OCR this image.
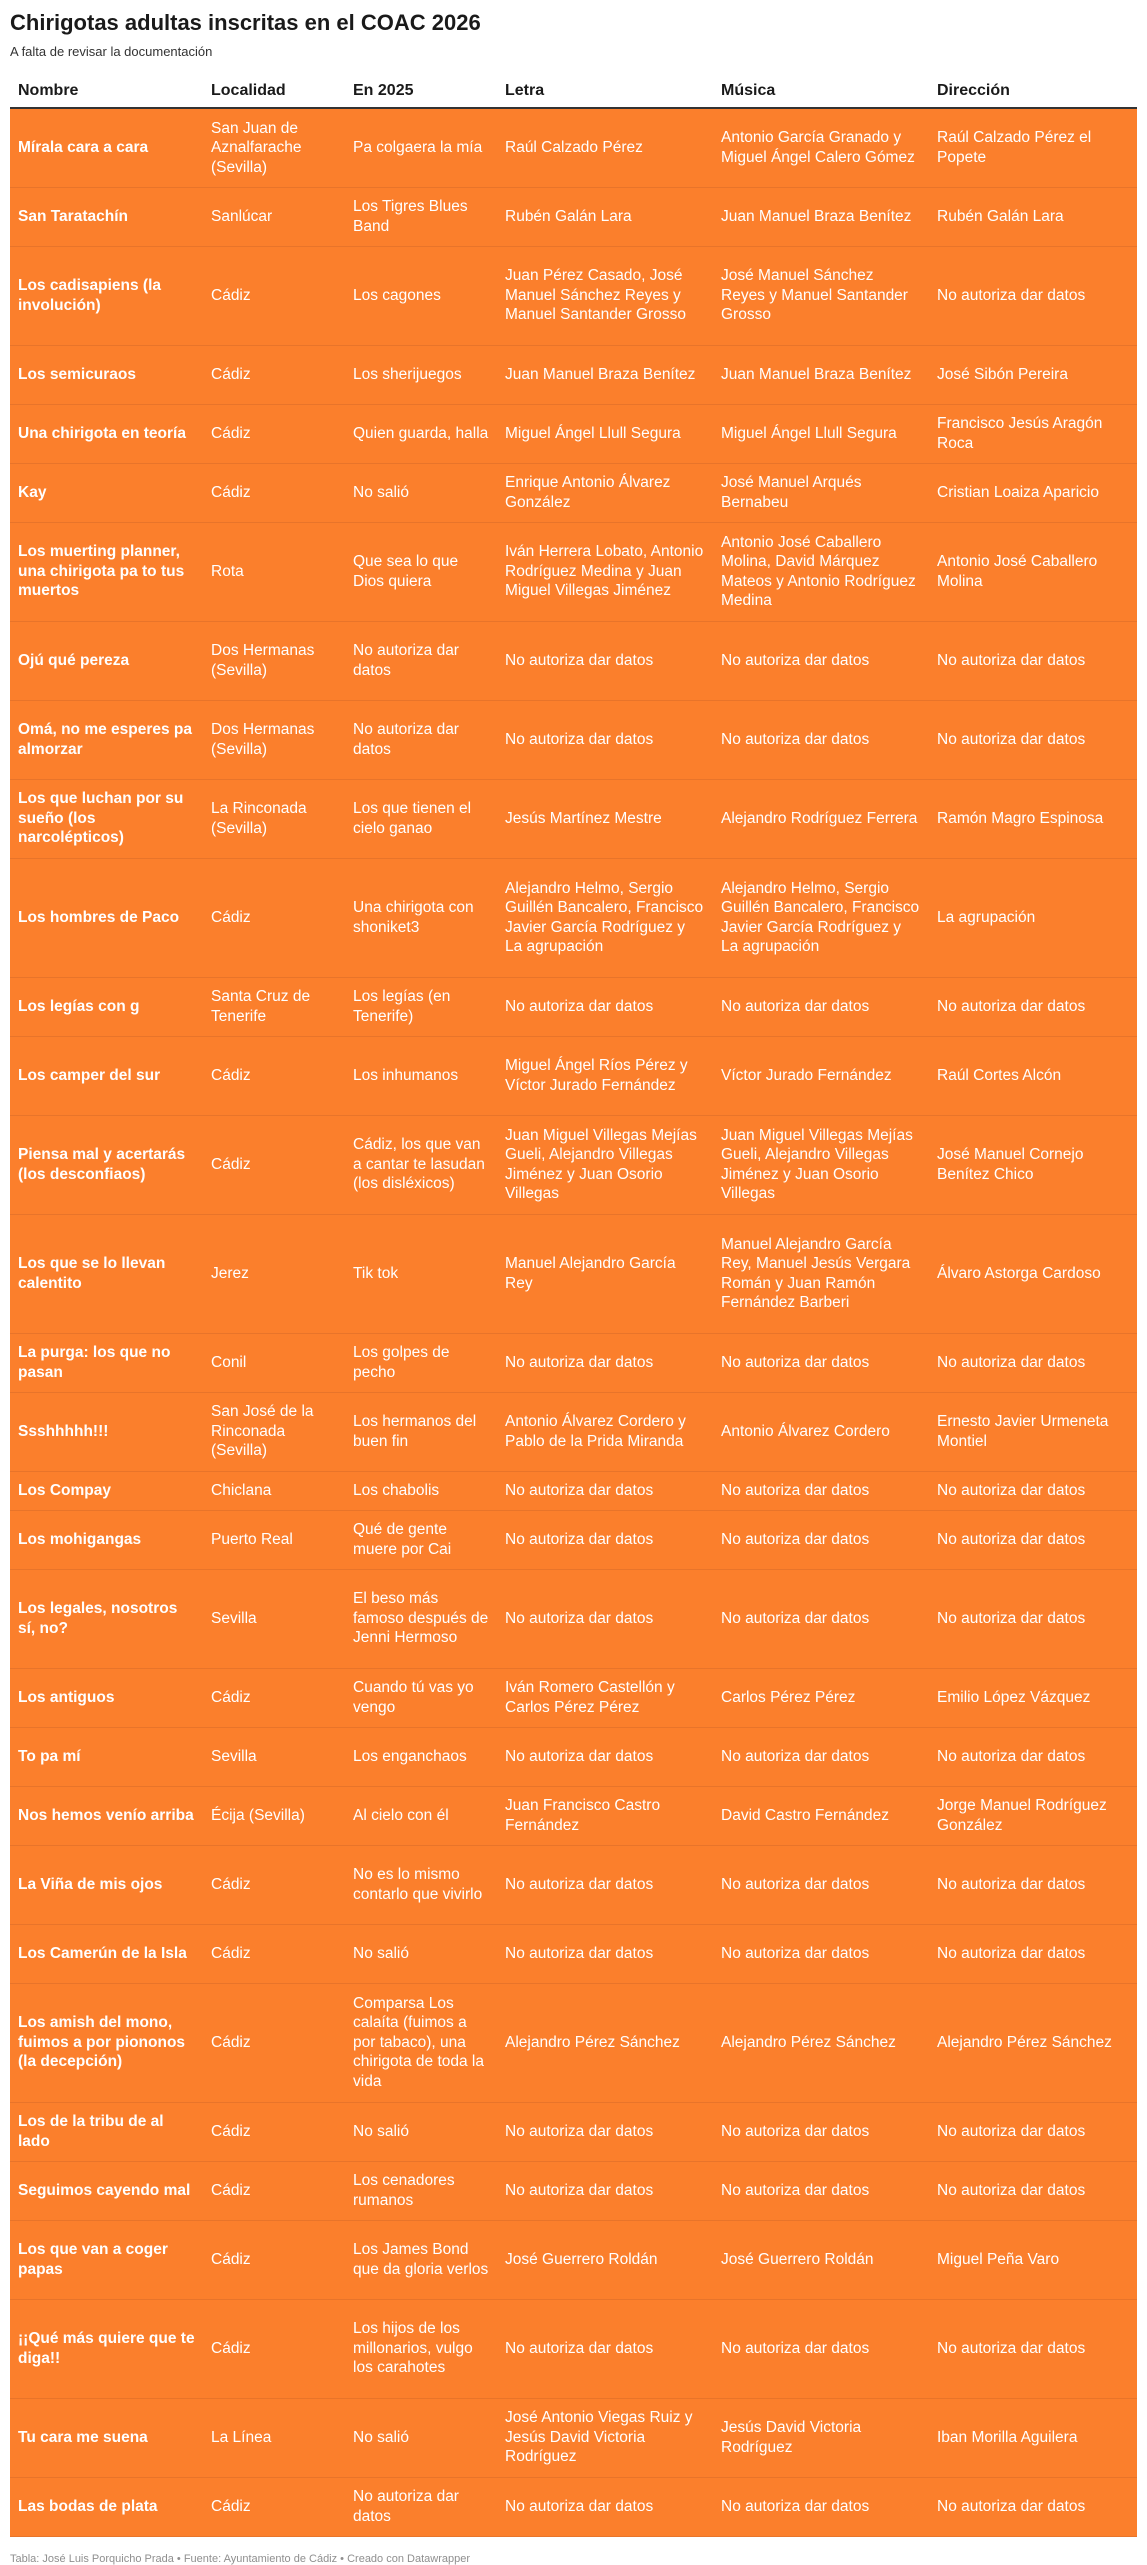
Chirigotas adultas inscritas en el COAC 2026
A falta de revisar la documentación
Nombre	Localidad	En 2025	Letra	Música	Dirección
Mírala cara a cara	San Juan de Aznalfarache (Sevilla)	Pa colgaera la mía	Raúl Calzado Pérez	Antonio García Granado y Miguel Ángel Calero Gómez	Raúl Calzado Pérez el Popete
San Taratachín	Sanlúcar	Los Tigres Blues Band	Rubén Galán Lara	Juan Manuel Braza Benítez	Rubén Galán Lara
Los cadisapiens (la involución)	Cádiz	Los cagones	Juan Pérez Casado, José Manuel Sánchez Reyes y Manuel Santander Grosso	José Manuel Sánchez Reyes y Manuel Santander Grosso	No autoriza dar datos
Los semicuraos	Cádiz	Los sherijuegos	Juan Manuel Braza Benítez	Juan Manuel Braza Benítez	José Sibón Pereira
Una chirigota en teoría	Cádiz	Quien guarda, halla	Miguel Ángel Llull Segura	Miguel Ángel Llull Segura	Francisco Jesús Aragón Roca
Kay	Cádiz	No salió	Enrique Antonio Álvarez González	José Manuel Arqués Bernabeu	Cristian Loaiza Aparicio
Los muerting planner, una chirigota pa to tus muertos	Rota	Que sea lo que Dios quiera	Iván Herrera Lobato, Antonio Rodríguez Medina y Juan Miguel Villegas Jiménez	Antonio José Caballero Molina, David Márquez Mateos y Antonio Rodríguez Medina	Antonio José Caballero Molina
Ojú qué pereza	Dos Hermanas (Sevilla)	No autoriza dar datos	No autoriza dar datos	No autoriza dar datos	No autoriza dar datos
Omá, no me esperes pa almorzar	Dos Hermanas (Sevilla)	No autoriza dar datos	No autoriza dar datos	No autoriza dar datos	No autoriza dar datos
Los que luchan por su sueño (los narcolépticos)	La Rinconada (Sevilla)	Los que tienen el cielo ganao	Jesús Martínez Mestre	Alejandro Rodríguez Ferrera	Ramón Magro Espinosa
Los hombres de Paco	Cádiz	Una chirigota con shoniket3	Alejandro Helmo, Sergio Guillén Bancalero, Francisco Javier García Rodríguez y La agrupación	Alejandro Helmo, Sergio Guillén Bancalero, Francisco Javier García Rodríguez y La agrupación	La agrupación
Los legías con g	Santa Cruz de Tenerife	Los legías (en Tenerife)	No autoriza dar datos	No autoriza dar datos	No autoriza dar datos
Los camper del sur	Cádiz	Los inhumanos	Miguel Ángel Ríos Pérez y Víctor Jurado Fernández	Víctor Jurado Fernández	Raúl Cortes Alcón
Piensa mal y acertarás (los desconfiaos)	Cádiz	Cádiz, los que van a cantar te lasudan (los disléxicos)	Juan Miguel Villegas Mejías Gueli, Alejandro Villegas Jiménez y Juan Osorio Villegas	Juan Miguel Villegas Mejías Gueli, Alejandro Villegas Jiménez y Juan Osorio Villegas	José Manuel Cornejo Benítez Chico
Los que se lo llevan calentito	Jerez	Tik tok	Manuel Alejandro García Rey	Manuel Alejandro García Rey, Manuel Jesús Vergara Román y Juan Ramón Fernández Barberi	Álvaro Astorga Cardoso
La purga: los que no pasan	Conil	Los golpes de pecho	No autoriza dar datos	No autoriza dar datos	No autoriza dar datos
Ssshhhhh!!!	San José de la Rinconada (Sevilla)	Los hermanos del buen fin	Antonio Álvarez Cordero y Pablo de la Prida Miranda	Antonio Álvarez Cordero	Ernesto Javier Urmeneta Montiel
Los Compay	Chiclana	Los chabolis	No autoriza dar datos	No autoriza dar datos	No autoriza dar datos
Los mohigangas	Puerto Real	Qué de gente muere por Cai	No autoriza dar datos	No autoriza dar datos	No autoriza dar datos
Los legales, nosotros sí, no?	Sevilla	El beso más famoso después de Jenni Hermoso	No autoriza dar datos	No autoriza dar datos	No autoriza dar datos
Los antiguos	Cádiz	Cuando tú vas yo vengo	Iván Romero Castellón y Carlos Pérez Pérez	Carlos Pérez Pérez	Emilio López Vázquez
To pa mí	Sevilla	Los enganchaos	No autoriza dar datos	No autoriza dar datos	No autoriza dar datos
Nos hemos venío arriba	Écija (Sevilla)	Al cielo con él	Juan Francisco Castro Fernández	David Castro Fernández	Jorge Manuel Rodríguez González
La Viña de mis ojos	Cádiz	No es lo mismo contarlo que vivirlo	No autoriza dar datos	No autoriza dar datos	No autoriza dar datos
Los Camerún de la Isla	Cádiz	No salió	No autoriza dar datos	No autoriza dar datos	No autoriza dar datos
Los amish del mono, fuimos a por piononos (la decepción)	Cádiz	Comparsa Los calaíta (fuimos a por tabaco), una chirigota de toda la vida	Alejandro Pérez Sánchez	Alejandro Pérez Sánchez	Alejandro Pérez Sánchez
Los de la tribu de al lado	Cádiz	No salió	No autoriza dar datos	No autoriza dar datos	No autoriza dar datos
Seguimos cayendo mal	Cádiz	Los cenadores rumanos	No autoriza dar datos	No autoriza dar datos	No autoriza dar datos
Los que van a coger papas	Cádiz	Los James Bond que da gloria verlos	José Guerrero Roldán	José Guerrero Roldán	Miguel Peña Varo
¡¡Qué más quiere que te diga!!	Cádiz	Los hijos de los millonarios, vulgo los carahotes	No autoriza dar datos	No autoriza dar datos	No autoriza dar datos
Tu cara me suena	La Línea	No salió	José Antonio Viegas Ruiz y Jesús David Victoria Rodríguez	Jesús David Victoria Rodríguez	Iban Morilla Aguilera
Las bodas de plata	Cádiz	No autoriza dar datos	No autoriza dar datos	No autoriza dar datos	No autoriza dar datos
Tabla: José Luis Porquicho Prada • Fuente: Ayuntamiento de Cádiz • Creado con Datawrapper
